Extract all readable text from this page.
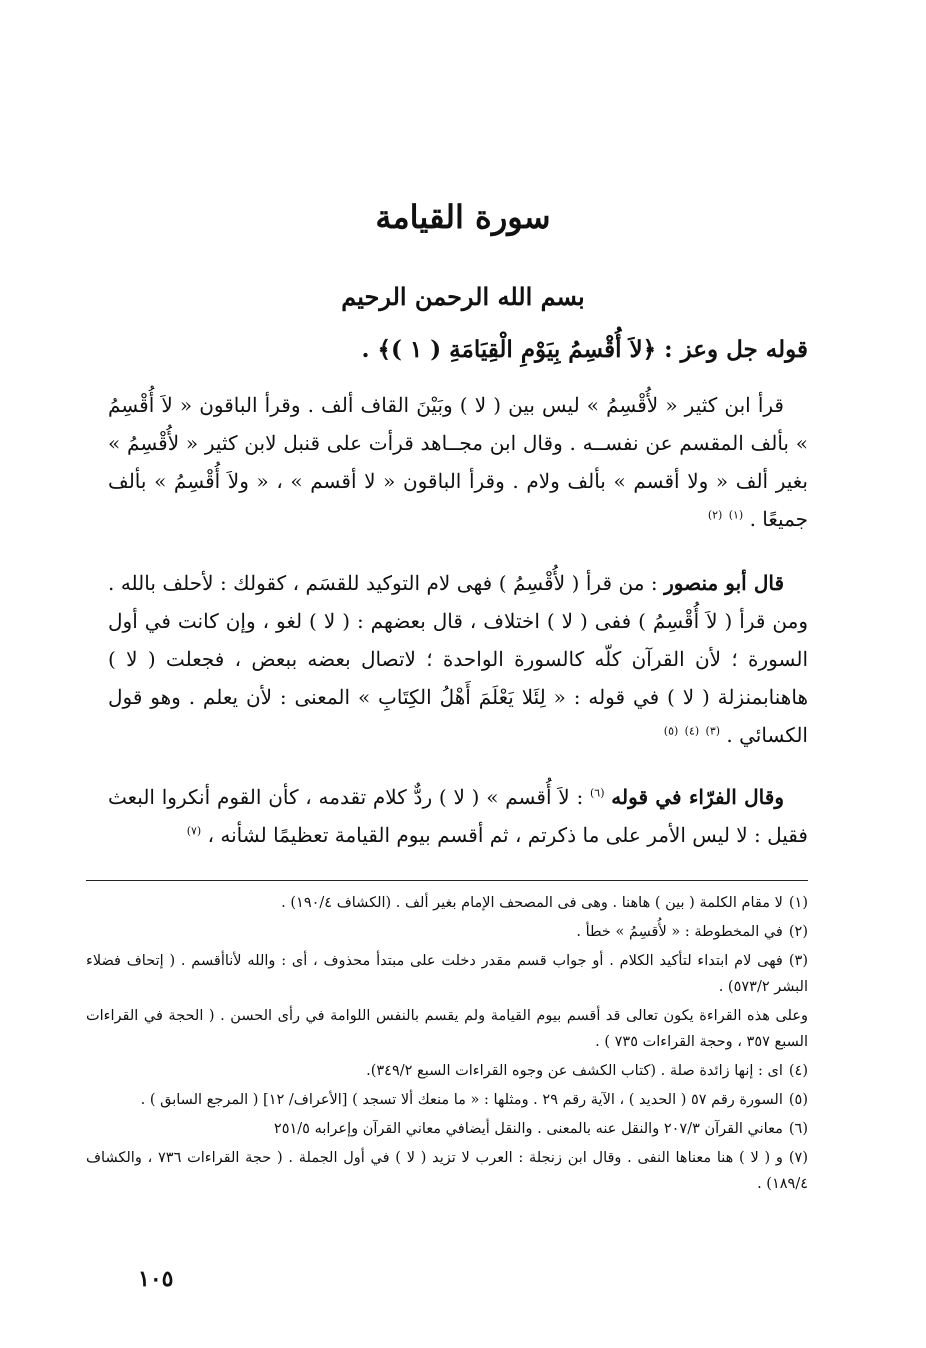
سورة القيامة

بسم الله الرحمن الرحيم

قوله جل وعز : ﴿لاَ أُقْسِمُ بِيَوْمِ الْقِيَامَةِ ( ١ )﴾ .

قرأ ابن كثير « لأُقْسِمُ » ليس بين ( لا ) وبَيْنَ القاف ألف . وقرأ الباقون « لاَ أُقْسِمُ » بألف المقسم عن نفســه . وقال ابن مجــاهد قرأت على قنبل لابن كثير « لأُقْسِمُ » بغير ألف « ولا أقسم » بألف ولام . وقرأ الباقون « لا أقسم » ، « ولاَ أُقْسِمُ » بألف جميعًا . $^{(١)}$ $^{(٢)}$

قال أبو منصور : من قرأ ( لأُقْسِمُ ) فهى لام التوكيد للقسَم ، كقولك : لأحلف بالله . ومن قرأ ( لاَ أُقْسِمُ ) ففى ( لا ) اختلاف ، قال بعضهم : ( لا ) لغو ، وإن كانت في أول السورة ؛ لأن القرآن كلّه كالسورة الواحدة ؛ لاتصال بعضه ببعض ، فجعلت ( لا ) هاهنابمنزلة ( لا ) في قوله : « لِئَلا يَعْلَمَ أَهْلُ الكِتَابِ » المعنى : لأن يعلم . وهو قول الكسائي . $^{(٣)}$ $^{(٤)}$ $^{(٥)}$

وقال الفرّاء في قوله $^{(٦)}$ : لاَ أُقسم » ( لا ) ردٌّ كلام تقدمه ، كأن القوم أنكروا البعث فقيل : لا ليس الأمر على ما ذكرتم ، ثم أقسم بيوم القيامة تعظيمًا لشأنه ، $^{(٧)}$

(١)لا مقام الكلمة ( بين ) هاهنا . وهى فى المصحف الإمام بغير ألف . (الكشاف ١٩٠/٤) .

(٢)في المخطوطة : « لأُقسِمُ » خطأ .

(٣)فهى لام ابتداء لتأكيد الكلام . أو جواب قسم مقدر دخلت على مبتدأ محذوف ، أى : والله لأناأقسم . ( إتحاف فضلاء البشر ٥٧٣/٢) .

وعلى هذه القراءة يكون تعالى قد أقسم بيوم القيامة ولم يقسم بالنفس اللوامة في رأى الحسن . ( الحجة في القراءات السبع ٣٥٧ ، وحجة القراءات ٧٣٥ ) .

(٤)اى : إنها زائدة صلة . (كتاب الكشف عن وجوه القراءات السبع ٣٤٩/٢).

(٥)السورة رقم ٥٧ ( الحديد ) ، الآية رقم ٢٩ . ومثلها : « ما منعك ألا تسجد ) [الأعراف/ ١٢] ( المرجع السابق ) .

(٦)معاني القرآن ٢٠٧/٣ والنقل عنه بالمعنى . والنقل أيضافي معاني القرآن وإعرابه ٢٥١/٥

(٧)و ( لا ) هنا معناها النفى . وقال ابن زنجلة : العرب لا تزيد ( لا ) في أول الجملة . ( حجة القراءات ٧٣٦ ، والكشاف ١٨٩/٤) .

١٠٥
